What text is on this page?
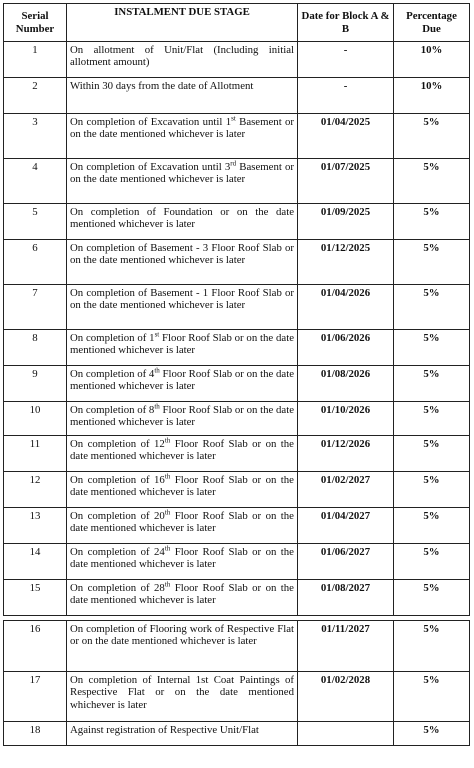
Serial Number	INSTALMENT DUE STAGE	Date for Block A & B	Percentage Due
1	On allotment of Unit/Flat (Including initial allotment amount)	-	10%
2	Within 30 days from the date of Allotment	-	10%
3	On completion of Excavation until 1st Basement or on the date mentioned whichever is later	01/04/2025	5%
4	On completion of Excavation until 3rd Basement or on the date mentioned whichever is later	01/07/2025	5%
5	On completion of Foundation or on the date mentioned whichever is later	01/09/2025	5%
6	On completion of Basement - 3 Floor Roof Slab or on the date mentioned whichever is later	01/12/2025	5%
7	On completion of Basement - 1 Floor Roof Slab or on the date mentioned whichever is later	01/04/2026	5%
8	On completion of 1st Floor Roof Slab or on the date mentioned whichever is later	01/06/2026	5%
9	On completion of 4th Floor Roof Slab or on the date mentioned whichever is later	01/08/2026	5%
10	On completion of 8th Floor Roof Slab or on the date mentioned whichever is later	01/10/2026	5%
11	On completion of 12th Floor Roof Slab or on the date mentioned whichever is later	01/12/2026	5%
12	On completion of 16th Floor Roof Slab or on the date mentioned whichever is later	01/02/2027	5%
13	On completion of 20th Floor Roof Slab or on the date mentioned whichever is later	01/04/2027	5%
14	On completion of 24th Floor Roof Slab or on the date mentioned whichever is later	01/06/2027	5%
15	On completion of 28th Floor Roof Slab or on the date mentioned whichever is later	01/08/2027	5%

16	On completion of Flooring work of Respective Flat or on the date mentioned whichever is later	01/11/2027	5%
17	On completion of Internal 1st Coat Paintings of Respective Flat or on the date mentioned whichever is later	01/02/2028	5%
18	Against registration of Respective Unit/Flat		5%
